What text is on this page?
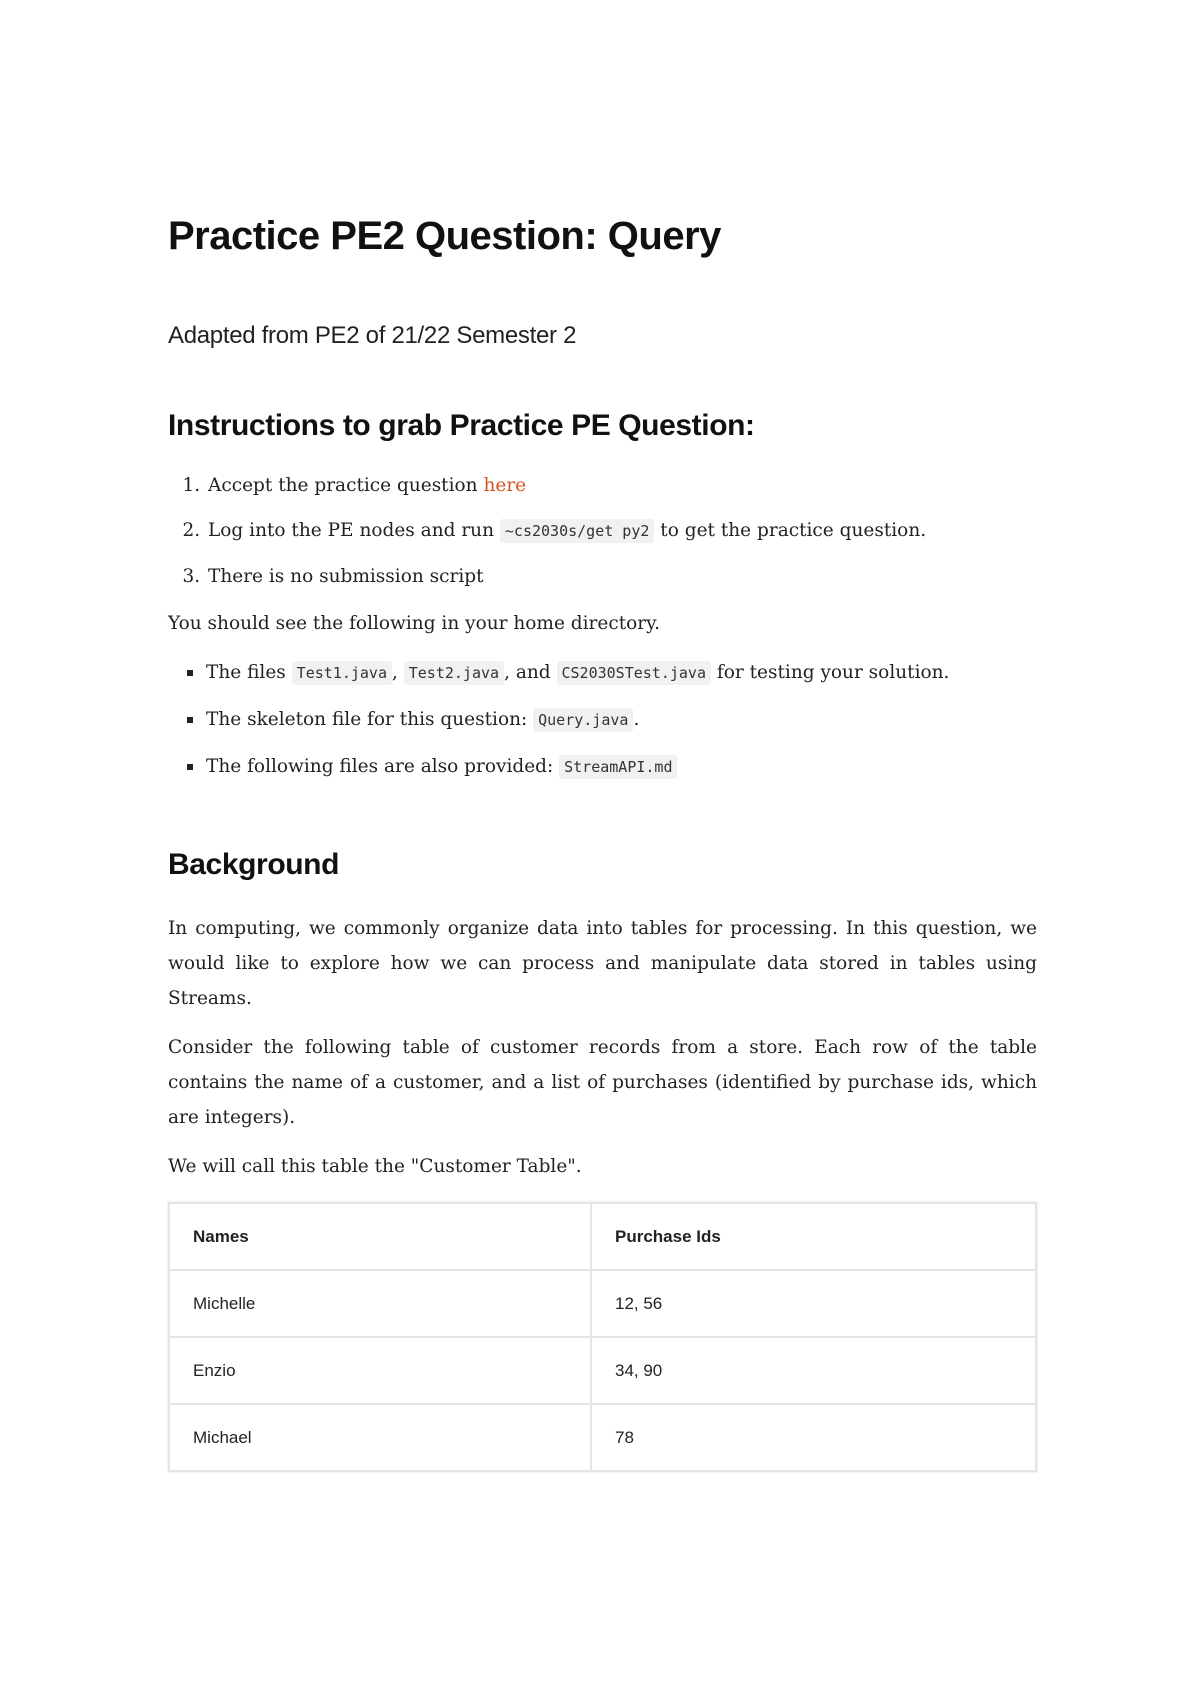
Practice PE2 Question: Query
Adapted from PE2 of 21/22 Semester 2
Instructions to grab Practice PE Question:
1. Accept the practice question here
2. Log into the PE nodes and run ~cs2030s/get py2 to get the practice question.
3. There is no submission script

You should see the following in your home directory.

The files Test1.java , Test2.java , and CS2030STest.java for testing your solution.
The skeleton file for this question: Query.java .
The following files are also provided: StreamAPI.md
Background

In computing, we commonly organize data into tables for processing. In this question, we would like to explore how we can process and manipulate data stored in tables using Streams.

Consider the following table of customer records from a store. Each row of the table contains the name of a customer, and a list of purchases (identified by purchase ids, which are integers).

We will call this table the "Customer Table".

Names	Purchase Ids
Michelle	12, 56
Enzio	34, 90
Michael	78
